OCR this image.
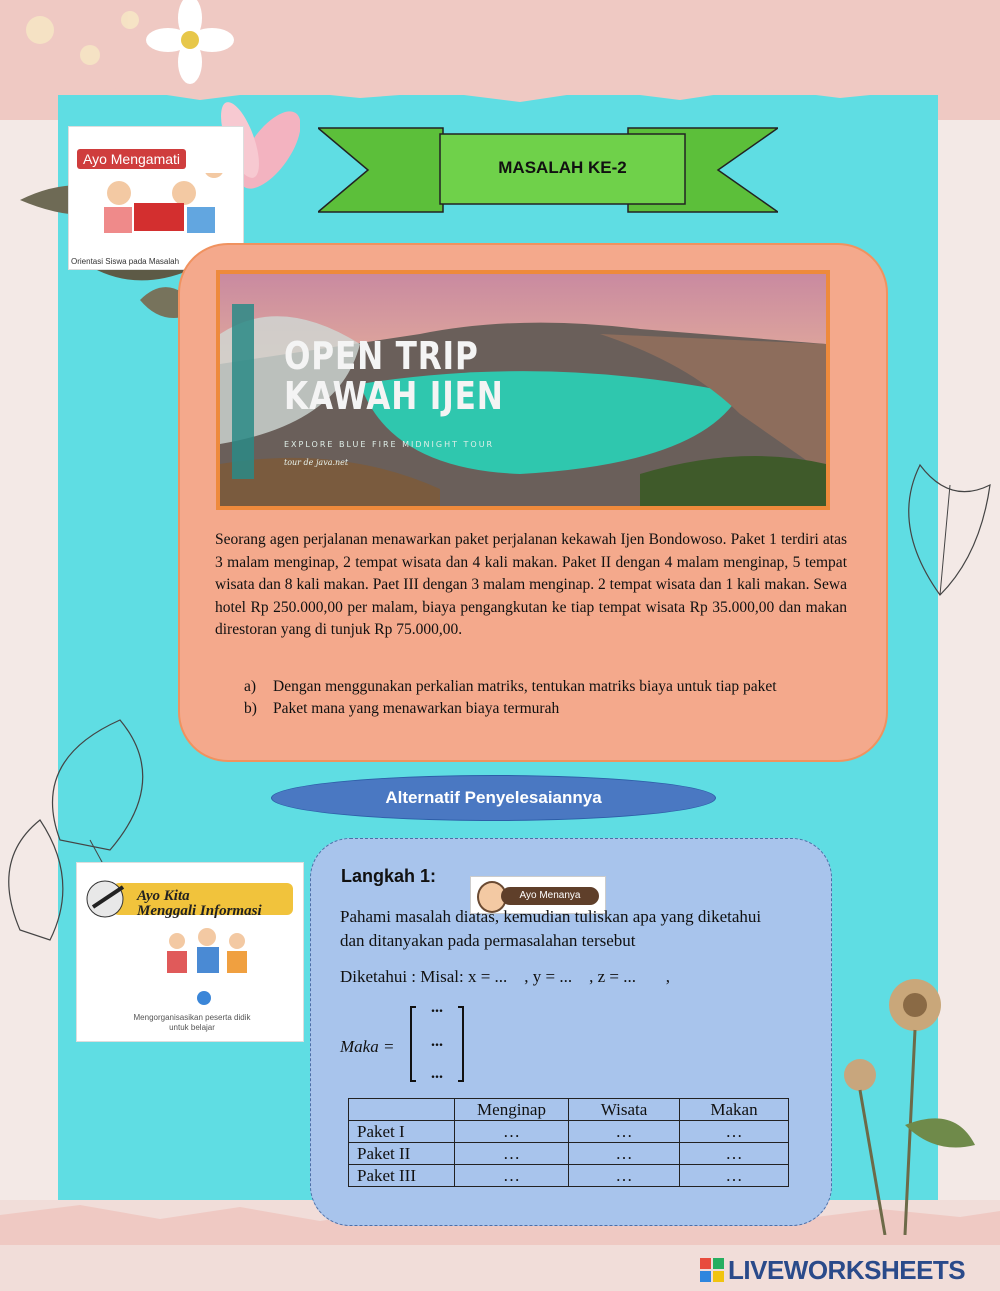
MASALAH KE-2
Ayo Mengamati
Orientasi Siswa pada Masalah
OPEN TRIP
KAWAH IJEN
EXPLORE BLUE FIRE MIDNIGHT TOUR
tour de java.net
Seorang agen perjalanan menawarkan paket perjalanan kekawah Ijen Bondowoso. Paket 1 terdiri atas 3 malam menginap, 2 tempat wisata dan 4 kali makan. Paket II dengan 4 malam menginap, 5 tempat wisata dan 8 kali makan. Paet III dengan 3 malam menginap. 2 tempat wisata dan 1 kali makan. Sewa hotel Rp 250.000,00 per malam, biaya pengangkutan ke tiap tempat wisata Rp 35.000,00 dan makan direstoran yang di tunjuk Rp 75.000,00.
a) Dengan menggunakan perkalian matriks, tentukan matriks biaya untuk tiap paket
b) Paket mana yang menawarkan biaya termurah
Alternatif Penyelesaiannya
Ayo Kita
Menggali Informasi
Mengorganisasikan peserta didik
untuk belajar
Langkah 1:
Ayo Menanya
Pahami masalah diatas, kemudian tuliskan apa yang diketahui dan ditanyakan pada permasalahan tersebut
Diketahui : Misal: x = ...    , y = ...    , z = ...       ,
Maka =
...
...
...
	Menginap	Wisata	Makan
Paket I	…	…	…
Paket II	…	…	…
Paket III	…	…	…
LIVEWORKSHEETS
